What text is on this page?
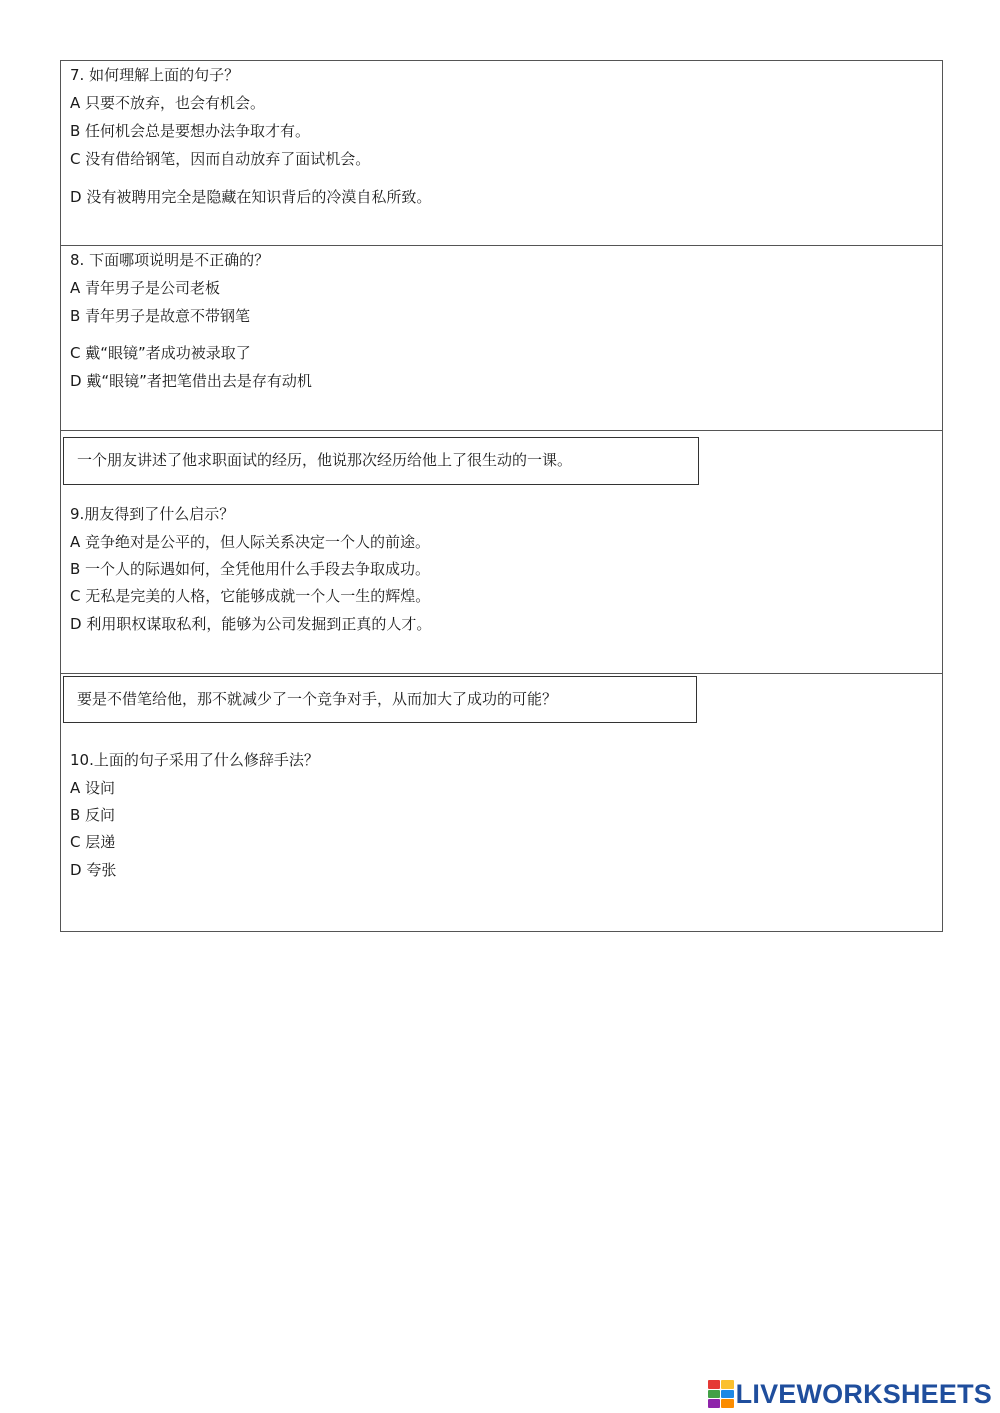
7. 如何理解上面的句子？

A 只要不放弃，也会有机会。

B 任何机会总是要想办法争取才有。

C 没有借给钢笔，因而自动放弃了面试机会。

D 没有被聘用完全是隐藏在知识背后的冷漠自私所致。

8. 下面哪项说明是不正确的？

A 青年男子是公司老板

B 青年男子是故意不带钢笔

C 戴“眼镜”者成功被录取了

D 戴“眼镜”者把笔借出去是存有动机

一个朋友讲述了他求职面试的经历，他说那次经历给他上了很生动的一课。

9.朋友得到了什么启示？

A 竞争绝对是公平的，但人际关系决定一个人的前途。

B 一个人的际遇如何，全凭他用什么手段去争取成功。

C 无私是完美的人格，它能够成就一个人一生的辉煌。

D 利用职权谋取私利，能够为公司发掘到正真的人才。

要是不借笔给他，那不就减少了一个竞争对手，从而加大了成功的可能？

10.上面的句子采用了什么修辞手法？

A 设问

B 反问

C 层递

D 夸张

LIVEWORKSHEETS
